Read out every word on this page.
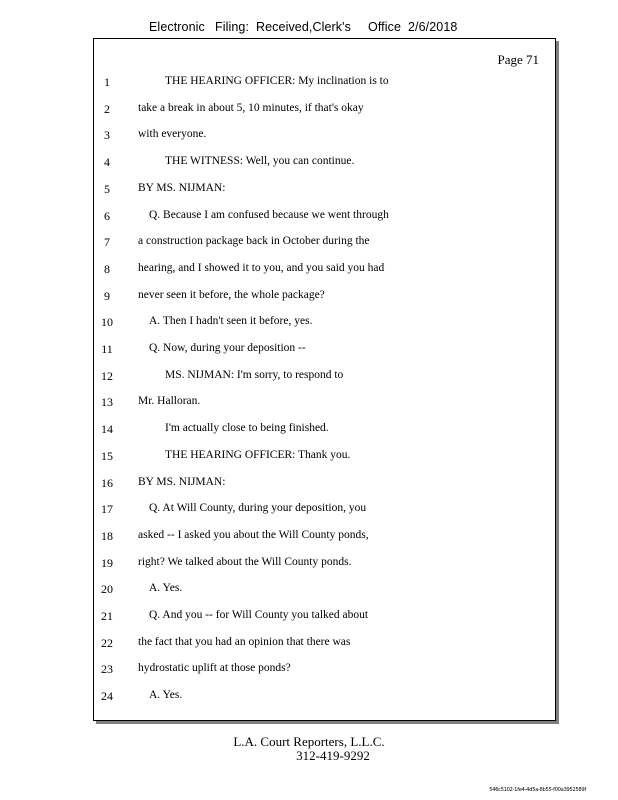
Electronic Filing: Received,Clerk's Office 2/6/2018
Page 71
1	THE HEARING OFFICER: My inclination is to
2	take a break in about 5, 10 minutes, if that's okay
3	with everyone.
4	THE WITNESS: Well, you can continue.
5	BY MS. NIJMAN:
6	Q. Because I am confused because we went through
7	a construction package back in October during the
8	hearing, and I showed it to you, and you said you had
9	never seen it before, the whole package?
10	A. Then I hadn't seen it before, yes.
11	Q. Now, during your deposition --
12	MS. NIJMAN: I'm sorry, to respond to
13	Mr. Halloran.
14	I'm actually close to being finished.
15	THE HEARING OFFICER: Thank you.
16	BY MS. NIJMAN:
17	Q. At Will County, during your deposition, you
18	asked -- I asked you about the Will County ponds,
19	right? We talked about the Will County ponds.
20	A. Yes.
21	Q. And you -- for Will County you talked about
22	the fact that you had an opinion that there was
23	hydrostatic uplift at those ponds?
24	A. Yes.
L.A. Court Reporters, L.L.C.
312-419-9292
546c5102-1fe4-4d5a-8b55-f00a3952589f
